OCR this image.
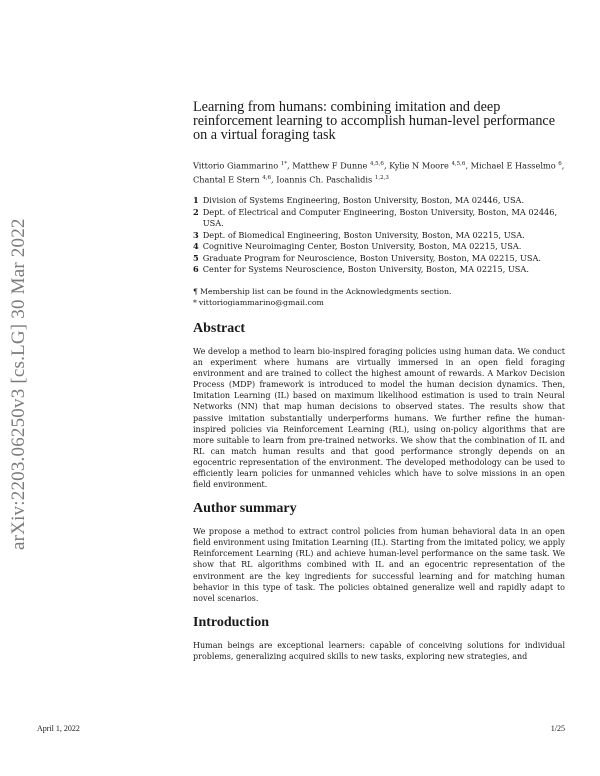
arXiv:2203.06250v3 [cs.LG] 30 Mar 2022
Learning from humans: combining imitation and deep reinforcement learning to accomplish human-level performance on a virtual foraging task
Vittorio Giammarino $^{1*}$, Matthew F Dunne $^{4,5,6}$, Kylie N Moore $^{4,5,6}$, Michael E Hasselmo $^6$, Chantal E Stern $^{4,6}$, Ioannis Ch. Paschalidis $^{1,2,3}$
1 Division of Systems Engineering, Boston University, Boston, MA 02446, USA.
2 Dept. of Electrical and Computer Engineering, Boston University, Boston, MA 02446, USA.
3 Dept. of Biomedical Engineering, Boston University, Boston, MA 02215, USA.
4 Cognitive Neuroimaging Center, Boston University, Boston, MA 02215, USA.
5 Graduate Program for Neuroscience, Boston University, Boston, MA 02215, USA.
6 Center for Systems Neuroscience, Boston University, Boston, MA 02215, USA.
¶ Membership list can be found in the Acknowledgments section.
* vittoriogiammarino@gmail.com
Abstract

We develop a method to learn bio-inspired foraging policies using human data. We conduct an experiment where humans are virtually immersed in an open field foraging environment and are trained to collect the highest amount of rewards. A Markov Decision Process (MDP) framework is introduced to model the human decision dynamics. Then, Imitation Learning (IL) based on maximum likelihood estimation is used to train Neural Networks (NN) that map human decisions to observed states. The results show that passive imitation substantially underperforms humans. We further refine the human-inspired policies via Reinforcement Learning (RL), using on-policy algorithms that are more suitable to learn from pre-trained networks. We show that the combination of IL and RL can match human results and that good performance strongly depends on an egocentric representation of the environment. The developed methodology can be used to efficiently learn policies for unmanned vehicles which have to solve missions in an open field environment.

Author summary

We propose a method to extract control policies from human behavioral data in an open field environment using Imitation Learning (IL). Starting from the imitated policy, we apply Reinforcement Learning (RL) and achieve human-level performance on the same task. We show that RL algorithms combined with IL and an egocentric representation of the environment are the key ingredients for successful learning and for matching human behavior in this type of task. The policies obtained generalize well and rapidly adapt to novel scenarios.

Introduction

Human beings are exceptional learners: capable of conceiving solutions for individual problems, generalizing acquired skills to new tasks, exploring new strategies, and

April 1, 2022	1/25
